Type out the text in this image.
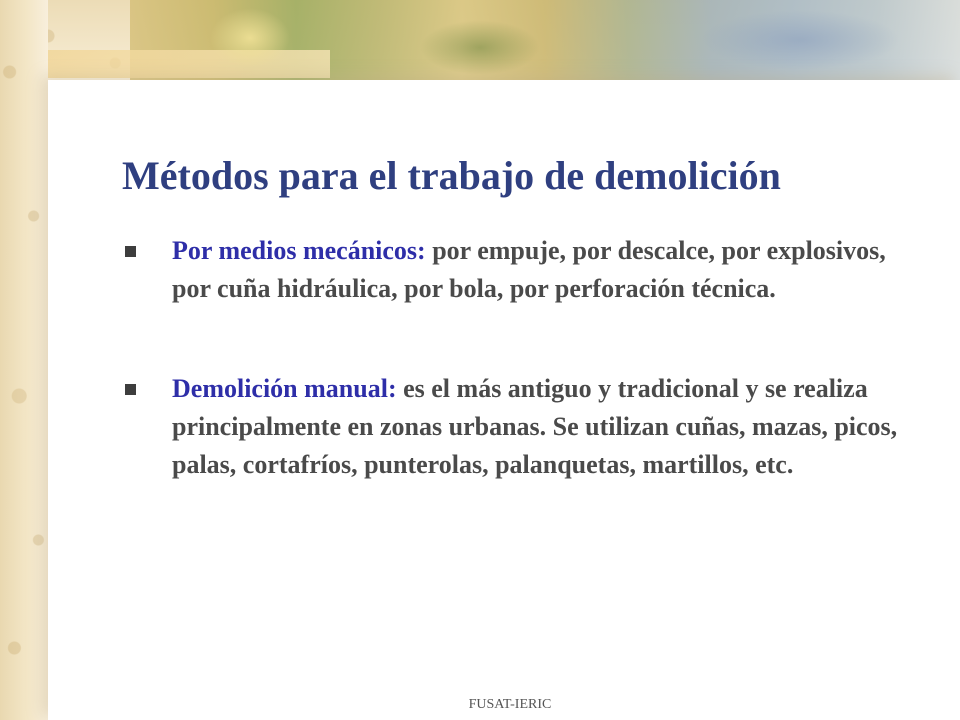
Métodos para el trabajo de demolición
Por medios mecánicos: por empuje, por descalce, por explosivos, por cuña hidráulica, por bola, por perforación técnica.
Demolición manual: es el más antiguo y tradicional y se realiza principalmente en zonas urbanas. Se utilizan cuñas, mazas, picos, palas, cortafríos, punterolas, palanquetas, martillos, etc.
FUSAT-IERIC
